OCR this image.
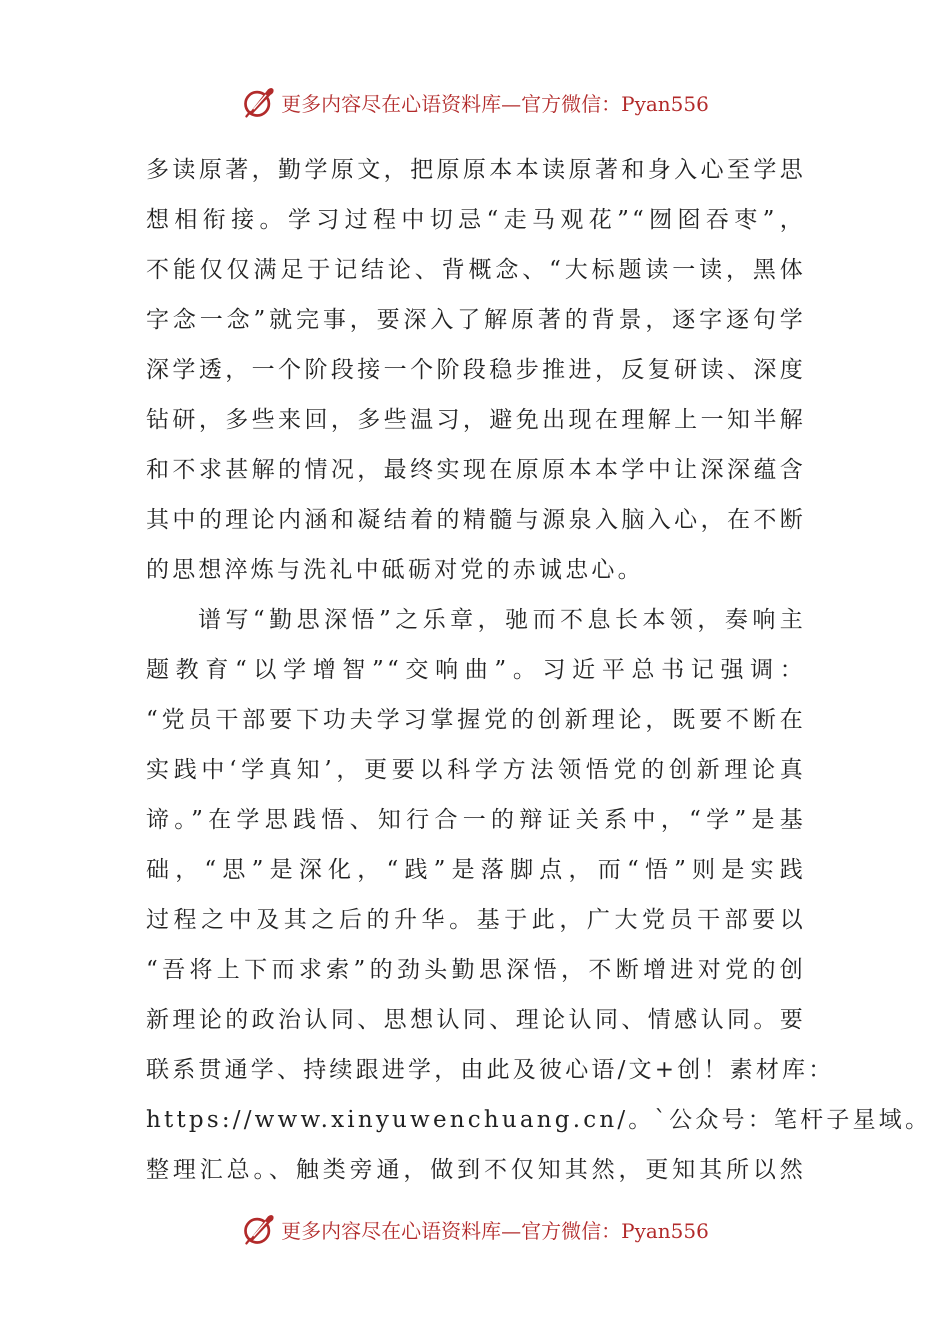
更多内容尽在心语资料库—官方微信：Pyan556
多读原著，勤学原文，把原原本本读原著和身入心至学思
想相衔接。学习过程中切忌“走马观花”“囫囵吞枣”，
不能仅仅满足于记结论、背概念、“大标题读一读，黑体
字念一念”就完事，要深入了解原著的背景，逐字逐句学
深学透，一个阶段接一个阶段稳步推进，反复研读、深度
钻研，多些来回，多些温习，避免出现在理解上一知半解
和不求甚解的情况，最终实现在原原本本学中让深深蕴含
其中的理论内涵和凝结着的精髓与源泉入脑入心，在不断
的思想淬炼与洗礼中砥砺对党的赤诚忠心。
谱写“勤思深悟”之乐章，驰而不息长本领，奏响主
题教育“以学增智”“交响曲”。习近平总书记强调：
“党员干部要下功夫学习掌握党的创新理论，既要不断在
实践中‘学真知’，更要以科学方法领悟党的创新理论真
谛。”在学思践悟、知行合一的辩证关系中，“学”是基
础，“思”是深化，“践”是落脚点，而“悟”则是实践
过程之中及其之后的升华。基于此，广大党员干部要以
“吾将上下而求索”的劲头勤思深悟，不断增进对党的创
新理论的政治认同、思想认同、理论认同、情感认同。要
联系贯通学、持续跟进学，由此及彼心语/文+创！素材库：
https://www.xinyuwenchuang.cn/。`公众号：笔杆子星域。
整理汇总。、触类旁通，做到不仅知其然，更知其所以然
更多内容尽在心语资料库—官方微信：Pyan556
